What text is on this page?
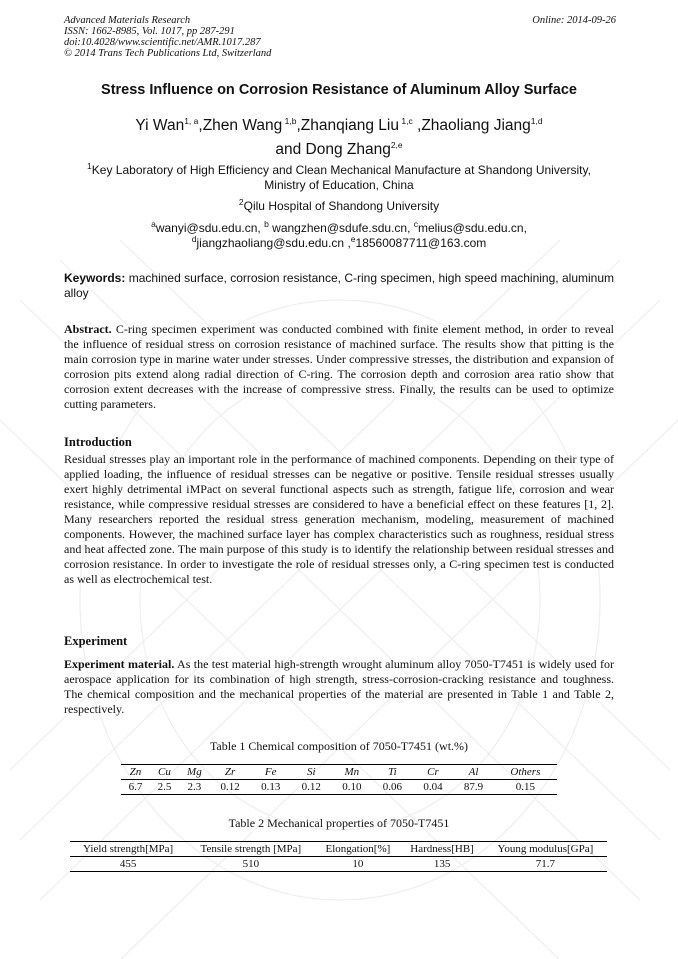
Advanced Materials Research
ISSN: 1662-8985, Vol. 1017, pp 287-291
doi:10.4028/www.scientific.net/AMR.1017.287
© 2014 Trans Tech Publications Ltd, Switzerland
Online: 2014-09-26
Stress Influence on Corrosion Resistance of Aluminum Alloy Surface
Yi Wan$^{1, a}$,Zhen Wang $^{1,b}$,Zhanqiang Liu $^{1,c}$ ,Zhaoliang Jiang$^{1,d}$
and Dong Zhang$^{2,e}$
$^1$Key Laboratory of High Efficiency and Clean Mechanical Manufacture at Shandong University,
Ministry of Education, China
$^2$Qilu Hospital of Shandong University
$^a$wanyi@sdu.edu.cn, $^b$ wangzhen@sdufe.sdu.cn, $^c$melius@sdu.edu.cn,
$^d$jiangzhaoliang@sdu.edu.cn ,$^e$18560087711@163.com
Keywords: machined surface, corrosion resistance, C-ring specimen, high speed machining, aluminum alloy
Abstract. C-ring specimen experiment was conducted combined with finite element method, in order to reveal the influence of residual stress on corrosion resistance of machined surface. The results show that pitting is the main corrosion type in marine water under stresses. Under compressive stresses, the distribution and expansion of corrosion pits extend along radial direction of C-ring. The corrosion depth and corrosion area ratio show that corrosion extent decreases with the increase of compressive stress. Finally, the results can be used to optimize cutting parameters.
Introduction
Residual stresses play an important role in the performance of machined components. Depending on their type of applied loading, the influence of residual stresses can be negative or positive. Tensile residual stresses usually exert highly detrimental iMPact on several functional aspects such as strength, fatigue life, corrosion and wear resistance, while compressive residual stresses are considered to have a beneficial effect on these features [1, 2]. Many researchers reported the residual stress generation mechanism, modeling, measurement of machined components. However, the machined surface layer has complex characteristics such as roughness, residual stress and heat affected zone. The main purpose of this study is to identify the relationship between residual stresses and corrosion resistance. In order to investigate the role of residual stresses only, a C-ring specimen test is conducted as well as electrochemical test.
Experiment
Experiment material. As the test material high-strength wrought aluminum alloy 7050-T7451 is widely used for aerospace application for its combination of high strength, stress-corrosion-cracking resistance and toughness. The chemical composition and the mechanical properties of the material are presented in Table 1 and Table 2, respectively.
Table 1 Chemical composition of 7050-T7451 (wt.%)
Zn	Cu	Mg	Zr	Fe	Si	Mn	Ti	Cr	Al	Others
6.7	2.5	2.3	0.12	0.13	0.12	0.10	0.06	0.04	87.9	0.15
Table 2 Mechanical properties of 7050-T7451
Yield strength[MPa]	Tensile strength [MPa]	Elongation[%]	Hardness[HB]	Young modulus[GPa]
455	510	10	135	71.7
